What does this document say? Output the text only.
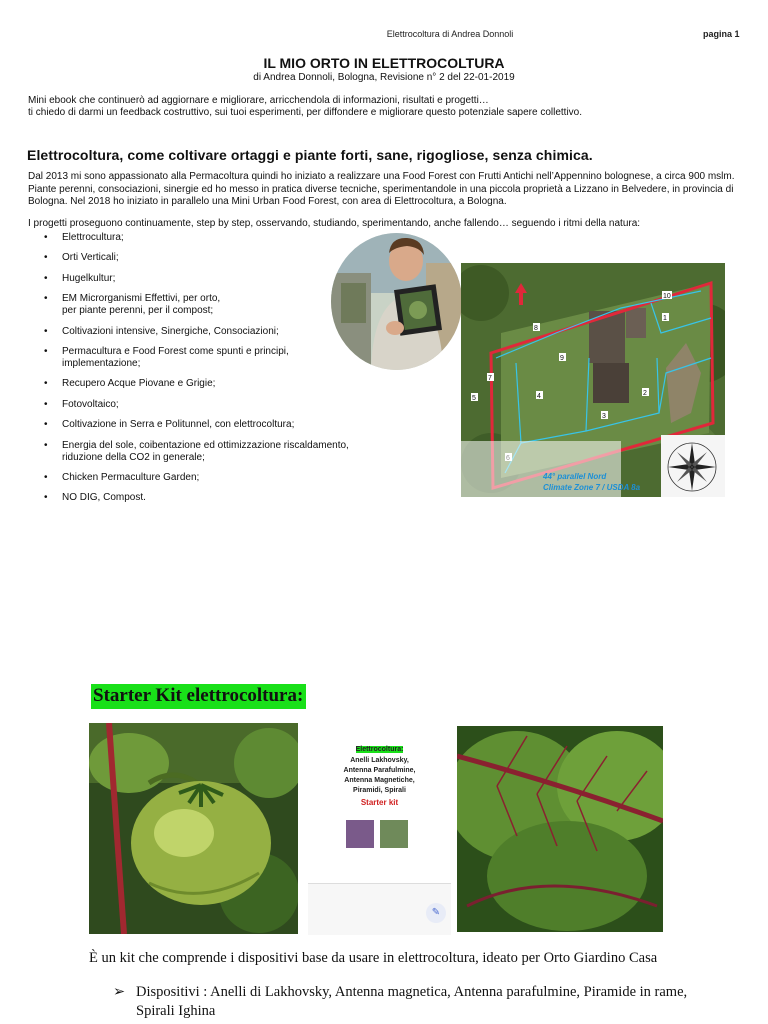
Elettrocoltura di Andrea Donnoli	pagina 1
IL MIO ORTO IN ELETTROCOLTURA
di Andrea Donnoli, Bologna, Revisione n° 2 del 22-01-2019
Mini ebook che continuerò ad aggiornare e migliorare, arricchendola di informazioni, risultati e progetti…
ti chiedo di darmi un feedback costruttivo, sui tuoi esperimenti, per diffondere e migliorare questo potenziale sapere collettivo.
Elettrocoltura, come coltivare ortaggi e piante forti, sane, rigogliose, senza chimica.
Dal 2013 mi sono appassionato alla Permacoltura quindi ho iniziato a realizzare una Food Forest con Frutti Antichi nell’Appennino bolognese, a circa 900 mslm. Piante perenni, consociazioni, sinergie ed ho messo in pratica diverse tecniche, sperimentandole in una piccola proprietà a Lizzano in Belvedere, in provincia di Bologna. Nel 2018 ho iniziato in parallelo una Mini Urban Food Forest, con area di Elettrocoltura, a Bologna.
I progetti proseguono continuamente, step by step, osservando, studiando, sperimentando, anche fallendo… seguendo i ritmi della natura:
• Elettrocultura;
• Orti Verticali;
• Hugelkultur;
• EM Microrganismi Effettivi, per orto,
per piante perenni, per il compost;
• Coltivazioni intensive, Sinergiche, Consociazioni;
• Permacultura e Food Forest come spunti e principi, implementazione;
• Recupero Acque Piovane e Grigie;
• Fotovoltaico;
• Coltivazione in Serra e Politunnel, con elettrocoltura;
• Energia del sole, coibentazione ed ottimizzazione riscaldamento, riduzione della CO2 in generale;
• Chicken Permaculture Garden;
• NO DIG, Compost.
10
1
2
3
4
5
7
8
9
44° parallel Nord
Climate Zone 7 / USDA 8a
Starter Kit elettrocoltura:
Elettrocoltura:
Anelli Lakhovsky, Antenna Parafulmine, Antenna Magnetiche, Piramidi, Spirali
Starter kit
✎
È un kit che comprende i dispositivi base da usare in elettrocoltura, ideato per Orto Giardino Casa
➢ Dispositivi : Anelli di Lakhovsky, Antenna magnetica, Antenna parafulmine, Piramide in rame, Spirali Ighina
